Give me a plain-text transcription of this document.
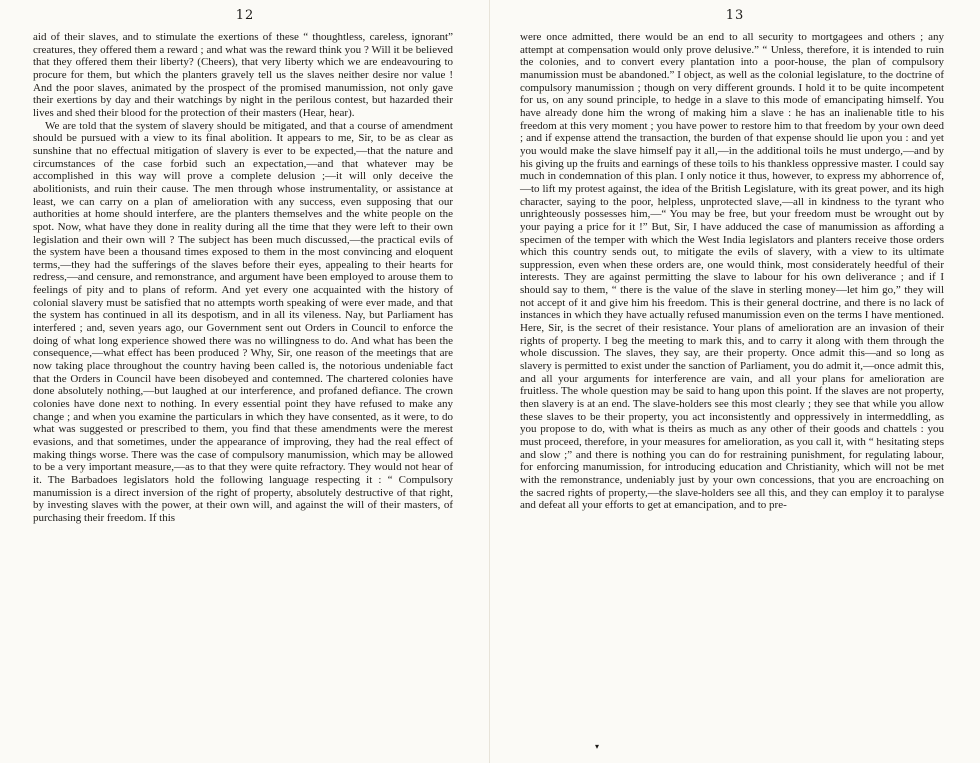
12

aid of their slaves, and to stimulate the exertions of these “ thoughtless, careless, ignorant” creatures, they offered them a reward ; and what was the reward think you ? Will it be believed that they offered them their liberty? (Cheers), that very liberty which we are endeavouring to procure for them, but which the planters gravely tell us the slaves neither desire nor value ! And the poor slaves, animated by the prospect of the promised manumission, not only gave their exertions by day and their watchings by night in the perilous contest, but hazarded their lives and shed their blood for the protection of their masters (Hear, hear).

We are told that the system of slavery should be mitigated, and that a course of amendment should be pursued with a view to its final abolition. It appears to me, Sir, to be as clear as sunshine that no effectual mitigation of slavery is ever to be expected,—that the nature and circumstances of the case forbid such an expectation,—and that whatever may be accomplished in this way will prove a complete delusion ;—it will only deceive the abolitionists, and ruin their cause. The men through whose instrumentality, or assistance at least, we can carry on a plan of amelioration with any success, even supposing that our authorities at home should interfere, are the planters themselves and the white people on the spot. Now, what have they done in reality during all the time that they were left to their own legislation and their own will ? The subject has been much discussed,—the practical evils of the system have been a thousand times exposed to them in the most convincing and eloquent terms,—they had the sufferings of the slaves before their eyes, appealing to their hearts for redress,—and censure, and remonstrance, and argument have been employed to arouse them to feelings of pity and to plans of reform. And yet every one acquainted with the history of colonial slavery must be satisfied that no attempts worth speaking of were ever made, and that the system has continued in all its despotism, and in all its vileness. Nay, but Parliament has interfered ; and, seven years ago, our Government sent out Orders in Council to enforce the doing of what long experience showed there was no willingness to do. And what has been the consequence,—what effect has been produced ? Why, Sir, one reason of the meetings that are now taking place throughout the country having been called is, the notorious undeniable fact that the Orders in Council have been disobeyed and contemned. The chartered colonies have done absolutely nothing,—but laughed at our interference, and profaned defiance. The crown colonies have done next to nothing. In every essential point they have refused to make any change ; and when you examine the particulars in which they have consented, as it were, to do what was suggested or prescribed to them, you find that these amendments were the merest evasions, and that sometimes, under the appearance of improving, they had the real effect of making things worse. There was the case of compulsory manumission, which may be allowed to be a very important measure,—as to that they were quite refractory. They would not hear of it. The Barbadoes legislators hold the following language respecting it : “ Compulsory manumission is a direct inversion of the right of property, absolutely destructive of that right, by investing slaves with the power, at their own will, and against the will of their masters, of purchasing their freedom. If this

13

were once admitted, there would be an end to all security to mortgagees and others ; any attempt at compensation would only prove delusive.” “ Unless, therefore, it is intended to ruin the colonies, and to convert every plantation into a poor-house, the plan of compulsory manumission must be abandoned.” I object, as well as the colonial legislature, to the doctrine of compulsory manumission ; though on very different grounds. I hold it to be quite incompetent for us, on any sound principle, to hedge in a slave to this mode of emancipating himself. You have already done him the wrong of making him a slave : he has an inalienable title to his freedom at this very moment ; you have power to restore him to that freedom by your own deed ; and if expense attend the transaction, the burden of that expense should lie upon you : and yet you would make the slave himself pay it all,—in the additional toils he must undergo,—and by his giving up the fruits and earnings of these toils to his thankless oppressive master. I could say much in condemnation of this plan. I only notice it thus, however, to express my abhorrence of,—to lift my protest against, the idea of the British Legislature, with its great power, and its high character, saying to the poor, helpless, unprotected slave,—all in kindness to the tyrant who unrighteously possesses him,—“ You may be free, but your freedom must be wrought out by your paying a price for it !” But, Sir, I have adduced the case of manumission as affording a specimen of the temper with which the West India legislators and planters receive those orders which this country sends out, to mitigate the evils of slavery, with a view to its ultimate suppression, even when these orders are, one would think, most considerately heedful of their interests. They are against permitting the slave to labour for his own deliverance ; and if I should say to them, “ there is the value of the slave in sterling money—let him go,” they will not accept of it and give him his freedom. This is their general doctrine, and there is no lack of instances in which they have actually refused manumission even on the terms I have mentioned. Here, Sir, is the secret of their resistance. Your plans of amelioration are an invasion of their rights of property. I beg the meeting to mark this, and to carry it along with them through the whole discussion. The slaves, they say, are their property. Once admit this—and so long as slavery is permitted to exist under the sanction of Parliament, you do admit it,—once admit this, and all your arguments for interference are vain, and all your plans for amelioration are fruitless. The whole question may be said to hang upon this point. If the slaves are not property, then slavery is at an end. The slave-holders see this most clearly ; they see that while you allow these slaves to be their property, you act inconsistently and oppressively in intermeddling, as you propose to do, with what is theirs as much as any other of their goods and chattels : you must proceed, therefore, in your measures for amelioration, as you call it, with “ hesitating steps and slow ;” and there is nothing you can do for restraining punishment, for regulating labour, for enforcing manumission, for introducing education and Christianity, which will not be met with the remonstrance, undeniably just by your own concessions, that you are encroaching on the sacred rights of property,—the slave-holders see all this, and they can employ it to paralyse and defeat all your efforts to get at emancipation, and to pre-

▾
